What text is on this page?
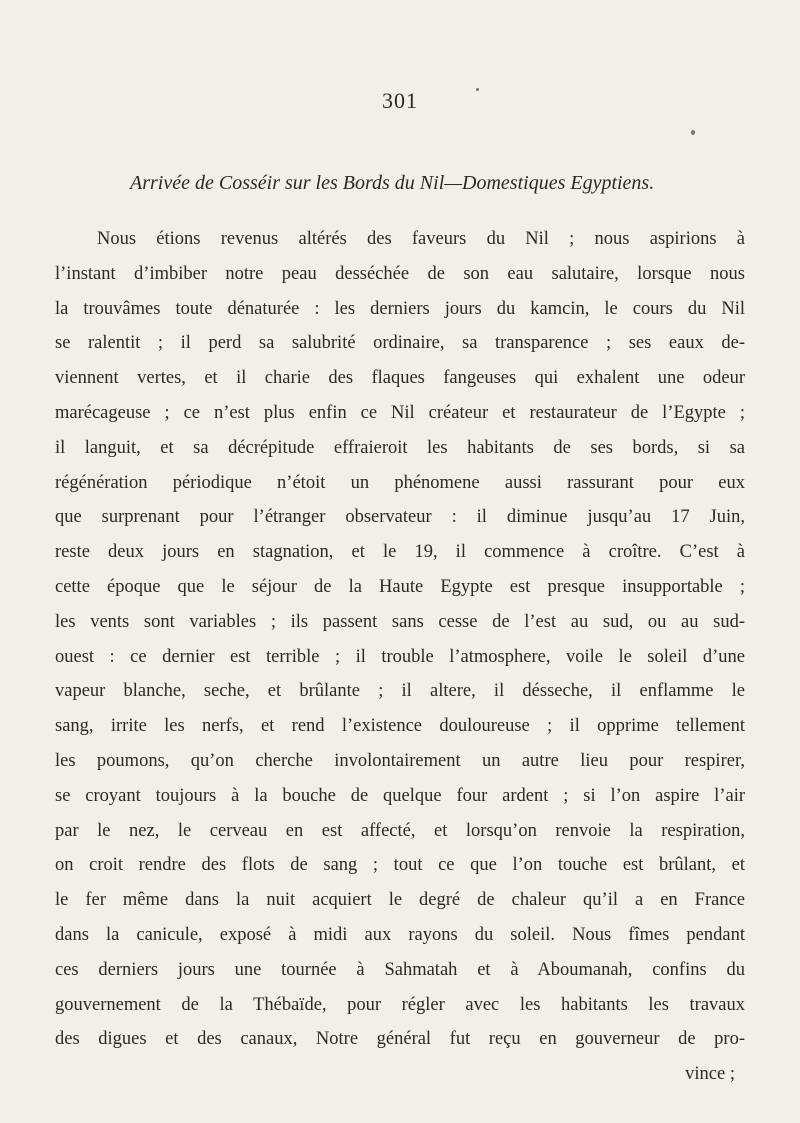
301
Arrivée de Cosséir sur les Bords du Nil—Domestiques Egyptiens.
Nous étions revenus altérés des faveurs du Nil ; nous aspirions à
l’instant d’imbiber notre peau desséchée de son eau salutaire, lorsque nous
la trouvâmes toute dénaturée : les derniers jours du kamcin, le cours du Nil
se ralentit ; il perd sa salubrité ordinaire, sa transparence ; ses eaux de-
viennent vertes, et il charie des flaques fangeuses qui exhalent une odeur
marécageuse ; ce n’est plus enfin ce Nil créateur et restaurateur de l’Egypte ;
il languit, et sa décrépitude effraieroit les habitants de ses bords, si sa
régénération périodique n’étoit un phénomene aussi rassurant pour eux
que surprenant pour l’étranger observateur : il diminue jusqu’au 17 Juin,
reste deux jours en stagnation, et le 19, il commence à croître. C’est à
cette époque que le séjour de la Haute Egypte est presque insupportable ;
les vents sont variables ; ils passent sans cesse de l’est au sud, ou au sud-
ouest : ce dernier est terrible ; il trouble l’atmosphere, voile le soleil d’une
vapeur blanche, seche, et brûlante ; il altere, il désseche, il enflamme le
sang, irrite les nerfs, et rend l’existence douloureuse ; il opprime tellement
les poumons, qu’on cherche involontairement un autre lieu pour respirer,
se croyant toujours à la bouche de quelque four ardent ; si l’on aspire l’air
par le nez, le cerveau en est affecté, et lorsqu’on renvoie la respiration,
on croit rendre des flots de sang ; tout ce que l’on touche est brûlant, et
le fer même dans la nuit acquiert le degré de chaleur qu’il a en France
dans la canicule, exposé à midi aux rayons du soleil. Nous fîmes pendant
ces derniers jours une tournée à Sahmatah et à Aboumanah, confins du
gouvernement de la Thébaïde, pour régler avec les habitants les travaux
des digues et des canaux, Notre général fut reçu en gouverneur de pro-
vince ;
